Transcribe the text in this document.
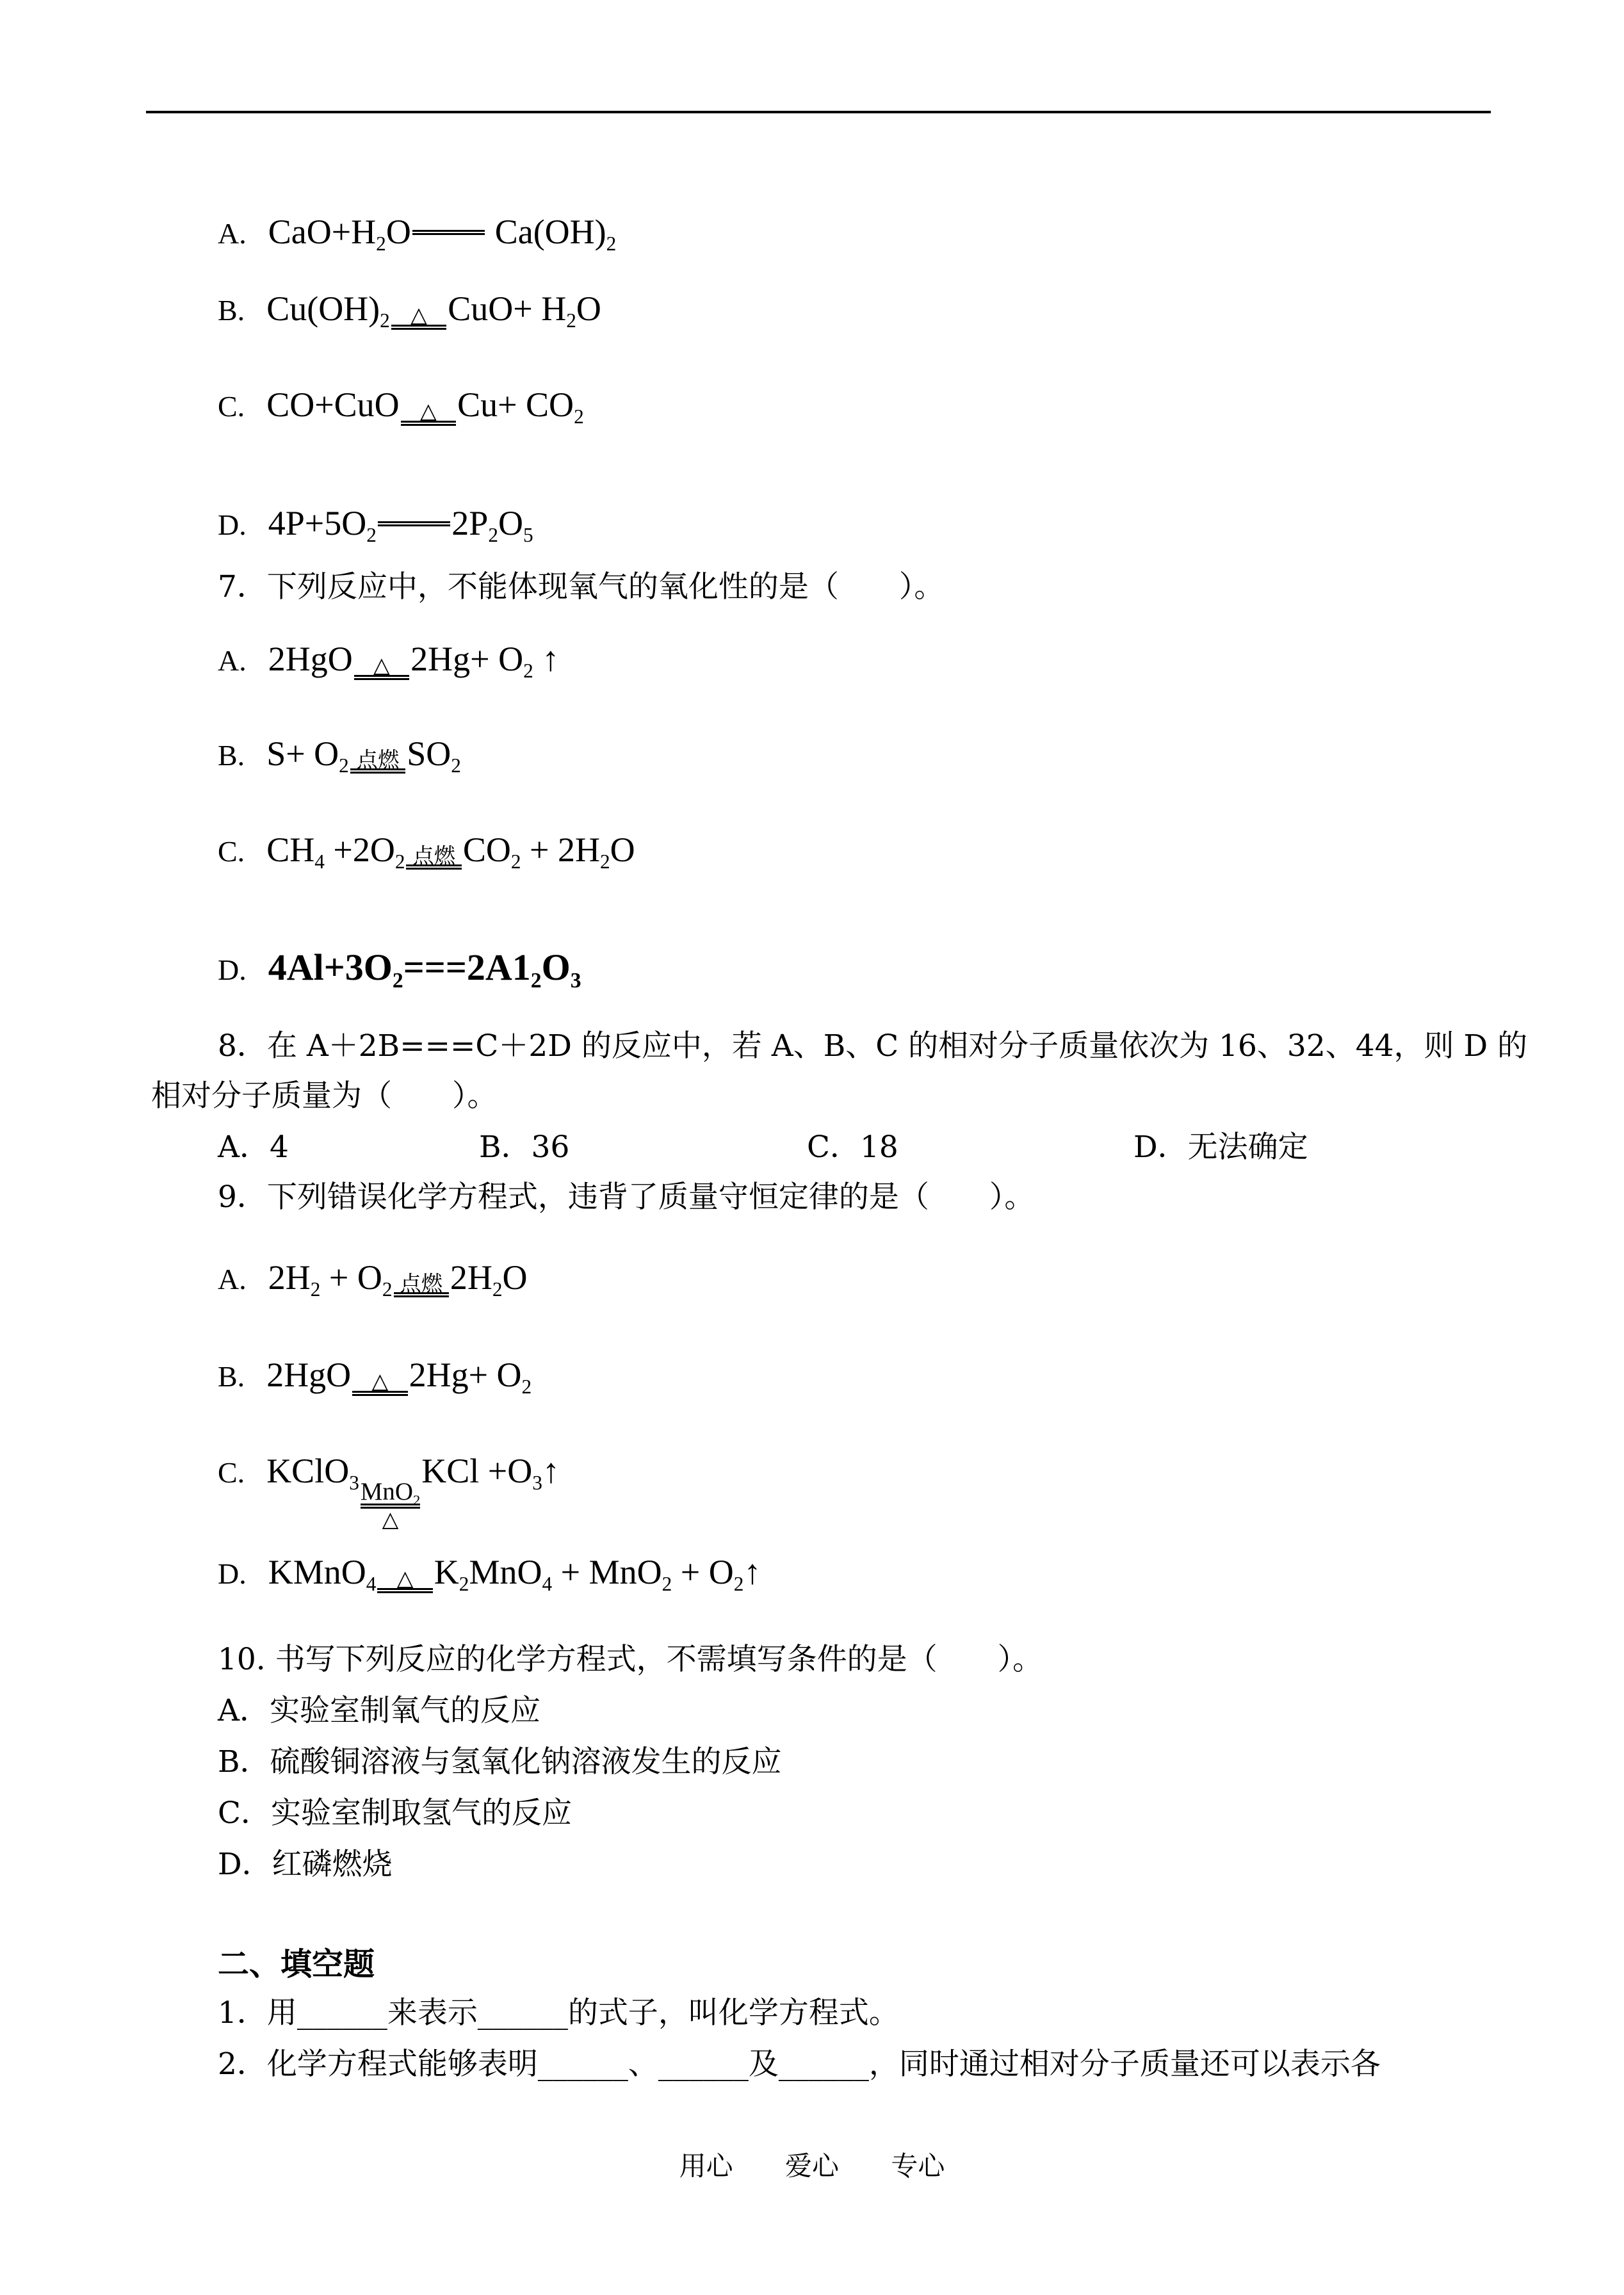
A. $CaO+H_2O$ $Ca(OH)_2$
B. $Cu(OH)_2$ △ $CuO+ H_2O$
C. CO+CuO △ $Cu+ CO_2$
D. $4P+5O_2$ $2P_2O_5$
7．下列反应中，不能体现氧气的氧化性的是（　　）。
A. 2HgO △ $2Hg+ O_2$ ↑
B. $S+ O_2$ 点燃 $SO_2$
C. $CH_4 +2O_2$ 点燃 $CO_2 + 2H_2O$
D. $4Al+3O_2===2A1_2O_3$
8．在 A＋2B===C＋2D 的反应中，若 A、B、C 的相对分子质量依次为 16、32、44，则 D 的
相对分子质量为（　　）。
A．4	B．36	C．18	D．无法确定
9．下列错误化学方程式，违背了质量守恒定律的是（　　）。
A. $2H_2 + O_2$ 点燃 $2H_2O$
B. 2HgO △ $2Hg+ O_2$
C. KClO$_3$ MnO$_2$
△
KCl $+O_3↑$
D. KMnO$_4$ △ $K_2MnO_4 + MnO_2$ + $O_2↑$
10. 书写下列反应的化学方程式，不需填写条件的是（　　）。
A．实验室制氧气的反应
B．硫酸铜溶液与氢氧化钠溶液发生的反应
C．实验室制取氢气的反应
D．红磷燃烧
二、填空题
1．用______来表示______的式子，叫化学方程式。
2．化学方程式能够表明______、______及______，同时通过相对分子质量还可以表示各
用心 爱心 专心
